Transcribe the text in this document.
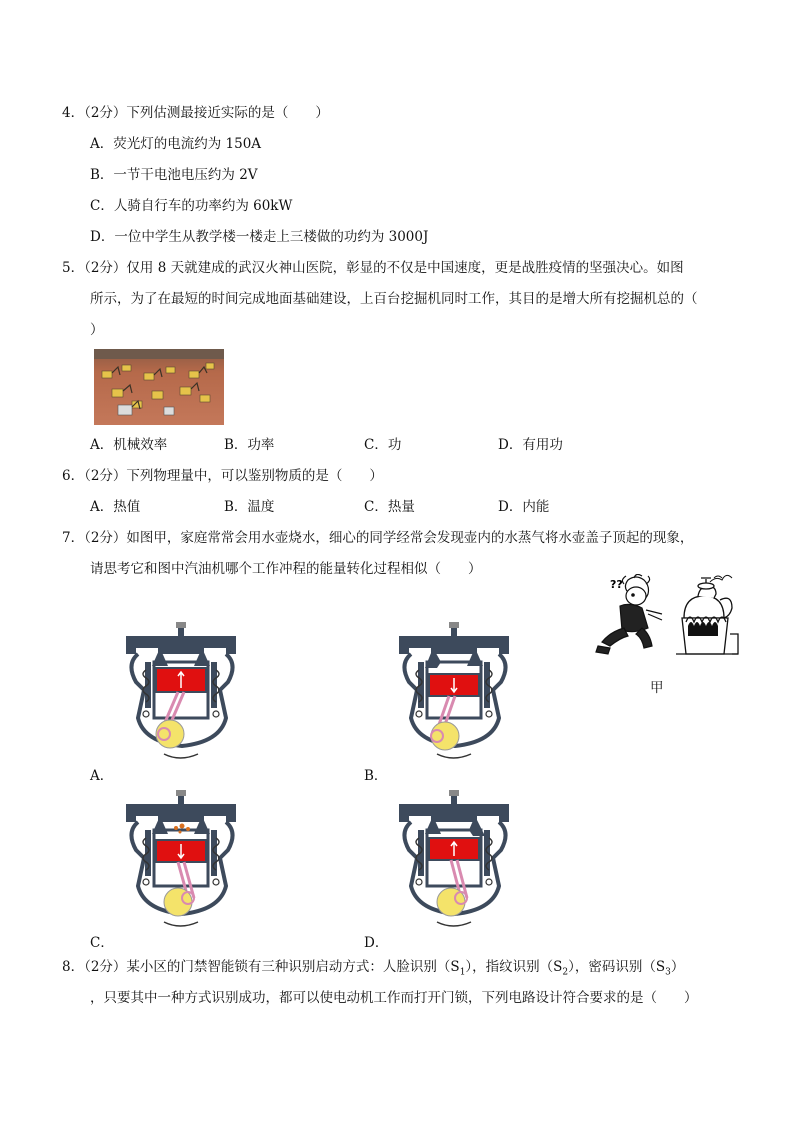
4．（2分）下列估测最接近实际的是（　　）
A．荧光灯的电流约为 150A
B．一节干电池电压约为 2V
C．人骑自行车的功率约为 60kW
D．一位中学生从教学楼一楼走上三楼做的功约为 3000J
5．（2分）仅用 8 天就建成的武汉火神山医院，彰显的不仅是中国速度，更是战胜疫情的坚强决心。如图
所示，为了在最短的时间完成地面基础建设，上百台挖掘机同时工作，其目的是增大所有挖掘机总的（
）
A．机械效率	B．功率	C．功	D．有用功
6．（2分）下列物理量中，可以鉴别物质的是（　　）
A．热值	B．温度	C．热量	D．内能
7．（2分）如图甲，家庭常常会用水壶烧水，细心的同学经常会发现壶内的水蒸气将水壶盖子顶起的现象，
请思考它和图中汽油机哪个工作冲程的能量转化过程相似（　　）
??
甲
A．	B．
C．	D．
8．（2分）某小区的门禁智能锁有三种识别启动方式：人脸识别$(S_1)$，指纹识别$(S_2)$，密码识别$(S_3)$
，只要其中一种方式识别成功，都可以使电动机工作而打开门锁，下列电路设计符合要求的是（　　）
